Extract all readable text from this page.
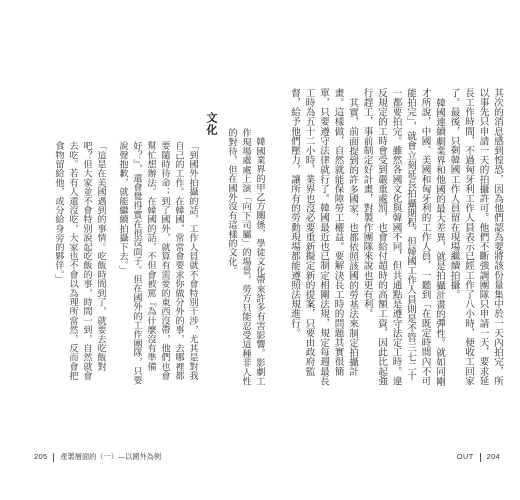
韓國業界的甲乙方關係，學徒文化帶來許多有害影響。影劇工作現場處處上演「向下司屬」的場景，勞方只能忍受這種非人性的對待，但在國外沒有這樣的文化。

文化

「到國外拍攝的話，工作人員就不會特別干涉，尤其是對我自己的工作。在韓國，常常會要求你做分外的事，去哪裡都要隨時待命；到了國外，就算有需要的東西沒帶，他們也會幫忙想辦法。在韓國的話，不但會被罵『為什麼沒有準備好？』，還會覺得實在很沒面子。但在國外的工作團隊，只要說聲抱歉，就能繼續拍攝下去。」

「這是在美國遇到的事情。吃飯時間到了，就要去吃飯對吧？但大家並不會特別說起吃飯的事，時間一到，自然就會去吃。若有人還沒吃，大家也不會以為理所當然，反而會把食物留給他，或分給身旁的夥伴。」

205 產製層面的（一）—以國外為例

其次的消息感到惶恐，因為他們認為要將該份量集中於一天內拍完，所以事先只申請一天的拍攝許可。他們不斷強調團隊只申請一天，要求延長工作時間，不過匈牙利工作人員表示已經工作了八小時，便收工回家了。最後，只剩韓國工作人員留在現場繼續拍攝。

韓國連續劇業界和他國的最大差異，就是拍攝計畫的彈性。就如同剛才所說，中國、美國和匈牙利的工作人員，一聽到「在既定時間內不可能拍完」，就會立刻延長拍攝期程，但韓國工作人員則是不管三七二十一都要拍完。雖然各國文化與韓國不同，但共通點是遵守法定工時。違反規定的工時會受到嚴重處罰，也會給付超時的高額工資，因此比起強行趕工，事前制定好計畫，對製作團隊來說也更有利。

其實，前面提到的許多國家，也都依照該國的勞基法來制定拍攝計畫。這樣做，自然就能保障勞工權益。要解決長工時的問題其實很簡單，只要遵守法律就行了。韓國最近也已制定相關法規，規定每週最長工時為五十二小時，業界也沒必要重新擬定新的提案，只要由政府監督，給予他們壓力，讓所有的勞動現場都能遵照法規進行。

OUT 204
